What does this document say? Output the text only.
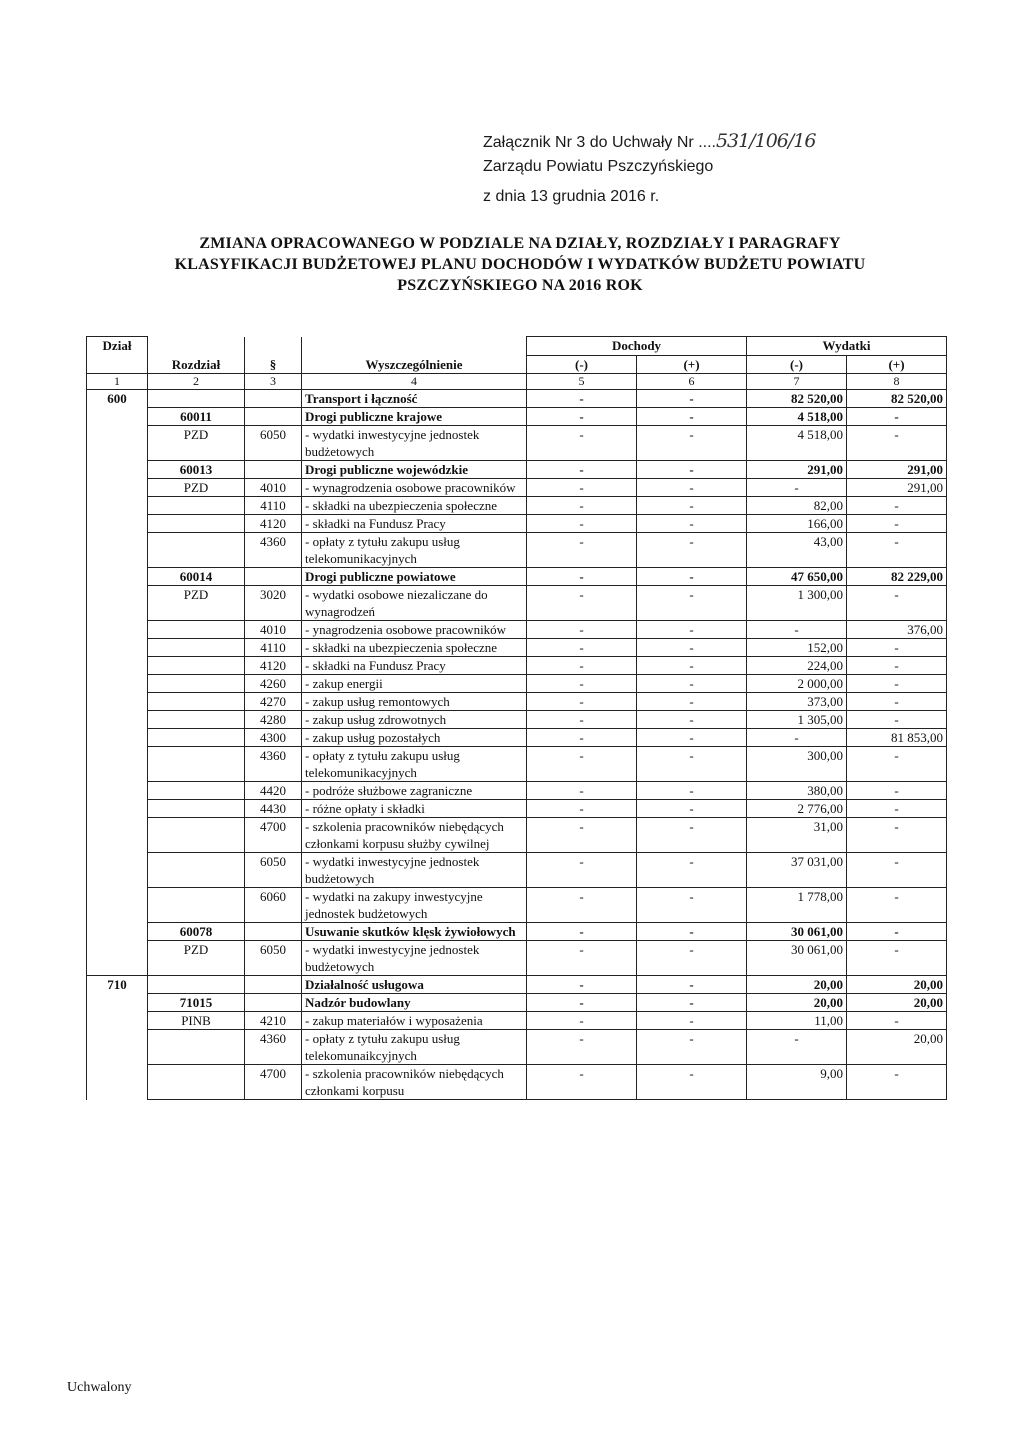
Załącznik Nr 3 do Uchwały Nr ....531/106/16
Zarządu Powiatu Pszczyńskiego
z dnia 13 grudnia 2016 r.
ZMIANA OPRACOWANEGO W PODZIALE NA DZIAŁY, ROZDZIAŁY I PARAGRAFY
KLASYFIKACJI BUDŻETOWEJ PLANU DOCHODÓW I WYDATKÓW BUDŻETU POWIATU
PSZCZYŃSKIEGO NA 2016 ROK
Dział	Rozdział	§	Wyszczególnienie	Dochody		Wydatki	
				(-)	(+)	(-)	(+)
1	2	3	4	5	6	7	8
600			Transport i łączność	-	-	82 520,00	82 520,00
	60011		Drogi publiczne krajowe	-	-	4 518,00	-
	PZD	6050	- wydatki inwestycyjne jednostek budżetowych	-	-	4 518,00	-
	60013		Drogi publiczne wojewódzkie	-	-	291,00	291,00
	PZD	4010	- wynagrodzenia osobowe pracowników	-	-	-	291,00
		4110	- składki na ubezpieczenia społeczne	-	-	82,00	-
		4120	- składki na Fundusz Pracy	-	-	166,00	-
		4360	- opłaty z tytułu zakupu usług telekomunikacyjnych	-	-	43,00	-
	60014		Drogi publiczne powiatowe	-	-	47 650,00	82 229,00
	PZD	3020	- wydatki osobowe niezaliczane do wynagrodzeń	-	-	1 300,00	-
		4010	- ynagrodzenia osobowe pracowników	-	-	-	376,00
		4110	- składki na ubezpieczenia społeczne	-	-	152,00	-
		4120	- składki na Fundusz Pracy	-	-	224,00	-
		4260	- zakup energii	-	-	2 000,00	-
		4270	- zakup usług remontowych	-	-	373,00	-
		4280	- zakup usług zdrowotnych	-	-	1 305,00	-
		4300	- zakup usług pozostałych	-	-	-	81 853,00
		4360	- opłaty z tytułu zakupu usług telekomunikacyjnych	-	-	300,00	-
		4420	- podróże służbowe zagraniczne	-	-	380,00	-
		4430	- różne opłaty i składki	-	-	2 776,00	-
		4700	- szkolenia pracowników niebędących członkami korpusu służby cywilnej	-	-	31,00	-
		6050	- wydatki inwestycyjne jednostek budżetowych	-	-	37 031,00	-
		6060	- wydatki na zakupy inwestycyjne jednostek budżetowych	-	-	1 778,00	-
	60078		Usuwanie skutków klęsk żywiołowych	-	-	30 061,00	-
	PZD	6050	- wydatki inwestycyjne jednostek budżetowych	-	-	30 061,00	-
710			Działalność usługowa	-	-	20,00	20,00
	71015		Nadzór budowlany	-	-	20,00	20,00
	PINB	4210	- zakup materiałów i wyposażenia	-	-	11,00	-
		4360	- opłaty z tytułu zakupu usług telekomunaikcyjnych	-	-	-	20,00
		4700	- szkolenia pracowników niebędących członkami korpusu	-	-	9,00	-
Uchwalony
